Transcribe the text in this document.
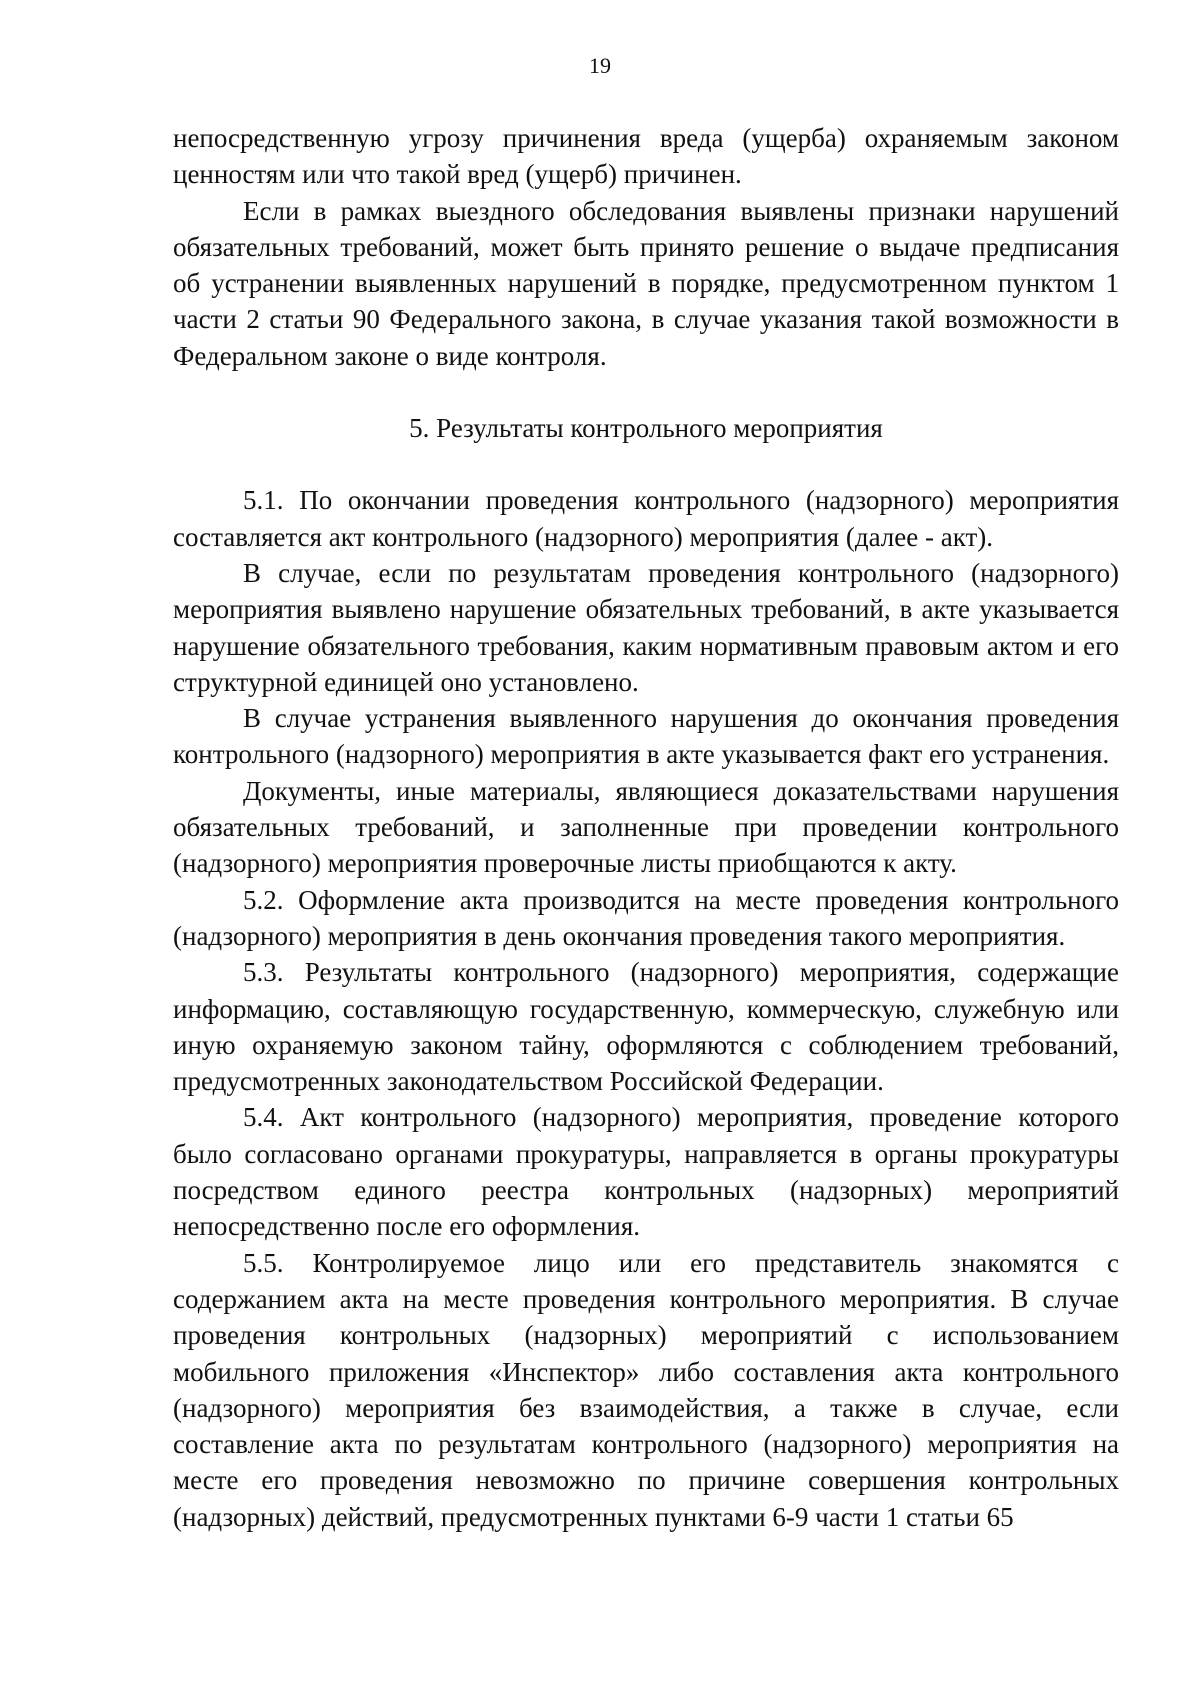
19

непосредственную угрозу причинения вреда (ущерба) охраняемым законом ценностям или что такой вред (ущерб) причинен.

Если в рамках выездного обследования выявлены признаки нарушений обязательных требований, может быть принято решение о выдаче предписания об устранении выявленных нарушений в порядке, предусмотренном пунктом 1 части 2 статьи 90 Федерального закона, в случае указания такой возможности в Федеральном законе о виде контроля.

5. Результаты контрольного мероприятия

5.1. По окончании проведения контрольного (надзорного) мероприятия составляется акт контрольного (надзорного) мероприятия (далее - акт).

В случае, если по результатам проведения контрольного (надзорного) мероприятия выявлено нарушение обязательных требований, в акте указывается нарушение обязательного требования, каким нормативным правовым актом и его структурной единицей оно установлено.

В случае устранения выявленного нарушения до окончания проведения контрольного (надзорного) мероприятия в акте указывается факт его устранения.

Документы, иные материалы, являющиеся доказательствами нарушения обязательных требований, и заполненные при проведении контрольного (надзорного) мероприятия проверочные листы приобщаются к акту.

5.2. Оформление акта производится на месте проведения контрольного (надзорного) мероприятия в день окончания проведения такого мероприятия.

5.3. Результаты контрольного (надзорного) мероприятия, содержащие информацию, составляющую государственную, коммерческую, служебную или иную охраняемую законом тайну, оформляются с соблюдением требований, предусмотренных законодательством Российской Федерации.

5.4. Акт контрольного (надзорного) мероприятия, проведение которого было согласовано органами прокуратуры, направляется в органы прокуратуры посредством единого реестра контрольных (надзорных) мероприятий непосредственно после его оформления.

5.5. Контролируемое лицо или его представитель знакомятся с содержанием акта на месте проведения контрольного мероприятия. В случае проведения контрольных (надзорных) мероприятий с использованием мобильного приложения «Инспектор» либо составления акта контрольного (надзорного) мероприятия без взаимодействия, а также в случае, если составление акта по результатам контрольного (надзорного) мероприятия на месте его проведения невозможно по причине совершения контрольных (надзорных) действий, предусмотренных пунктами 6-9 части 1 статьи 65
